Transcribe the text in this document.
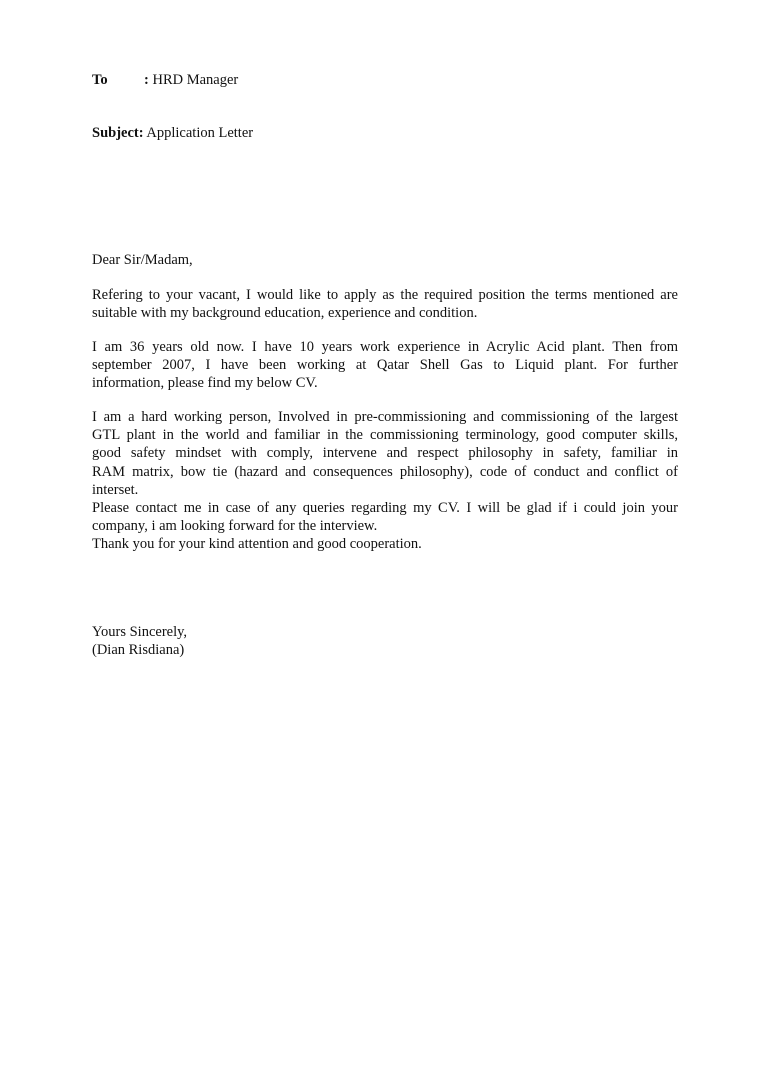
To	: HRD Manager
Subject: Application Letter
Dear Sir/Madam,
Refering to your vacant, I would like to apply as the required position the terms mentioned are
suitable with my background education, experience and condition.
I am 36 years old now. I have 10 years work experience in Acrylic Acid plant. Then from
september 2007, I have been working at Qatar Shell Gas to Liquid plant. For further
information, please find my below CV.
I am a hard working person, Involved in pre-commissioning and commissioning of the largest
GTL plant in the world and familiar in the commissioning terminology, good computer skills,
good safety mindset with comply, intervene and respect philosophy in safety, familiar in
RAM matrix, bow tie (hazard and consequences philosophy), code of conduct and conflict of
interset.
Please contact me in case of any queries regarding my CV. I will be glad if i could join your
company, i am looking forward for the interview.
Thank you for your kind attention and good cooperation.
Yours Sincerely,
(Dian Risdiana)
